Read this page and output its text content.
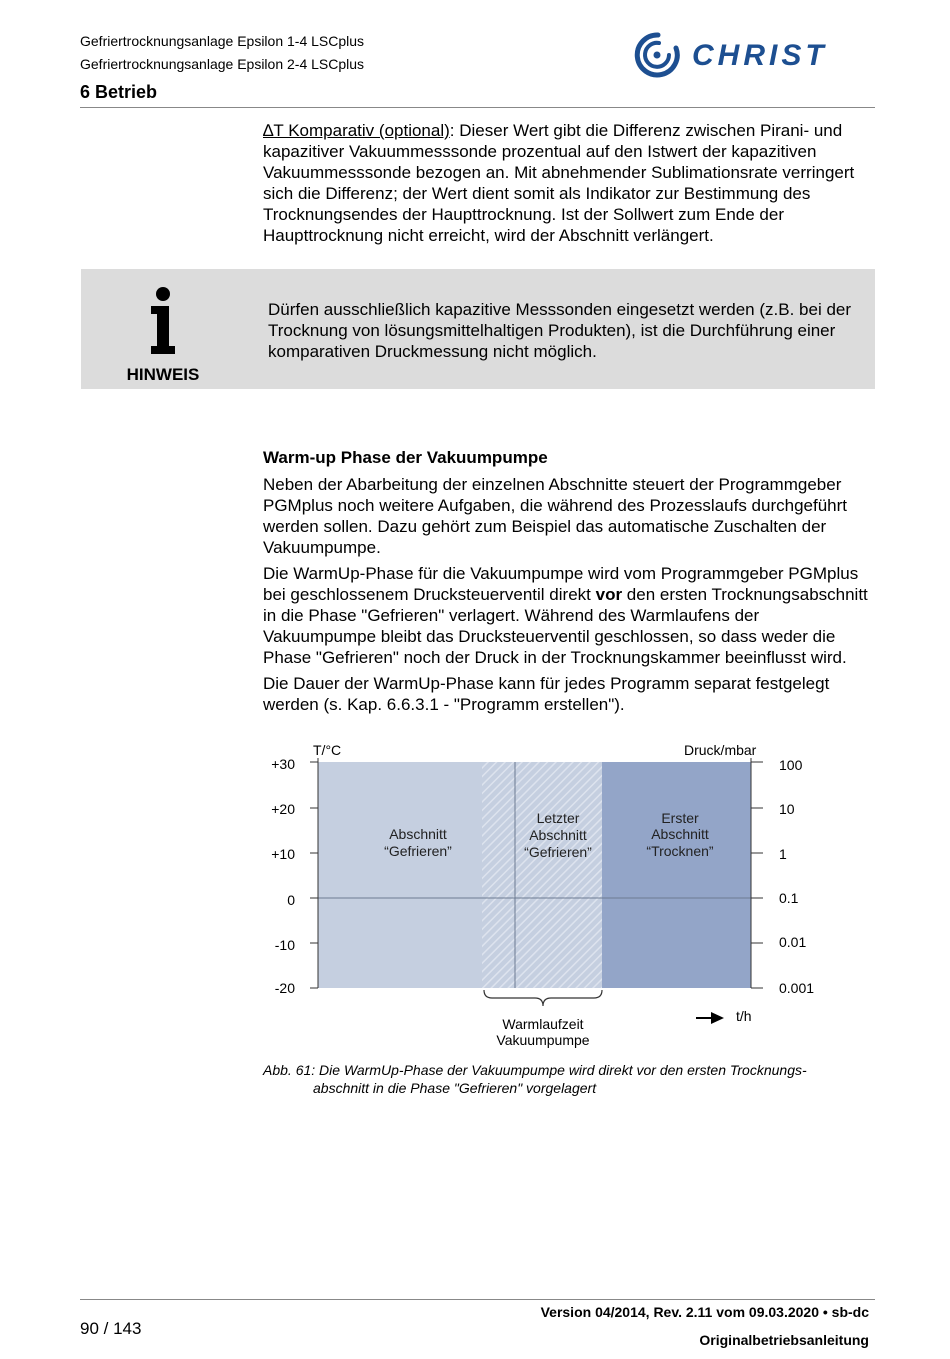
Gefriertrocknungsanlage Epsilon 1-4 LSCplus
Gefriertrocknungsanlage Epsilon 2-4 LSCplus
6 Betrieb
CHRIST

∆T Komparativ (optional): Dieser Wert gibt die Differenz zwischen Pirani- und kapazitiver Vakuummesssonde prozentual auf den Istwert der kapazitiven Vakuummesssonde bezogen an. Mit abnehmender Sublimationsrate verringert sich die Differenz; der Wert dient somit als Indikator zur Bestimmung des Trocknungsendes der Haupttrocknung. Ist der Sollwert zum Ende der Haupttrocknung nicht erreicht, wird der Abschnitt verlängert.

HINWEIS
Dürfen ausschließlich kapazitive Messsonden eingesetzt werden (z.B. bei der Trocknung von lösungsmittelhaltigen Produkten), ist die Durchführung einer komparativen Druckmessung nicht möglich.
Warm-up Phase der Vakuumpumpe

Neben der Abarbeitung der einzelnen Abschnitte steuert der Programmgeber PGMplus noch weitere Aufgaben, die während des Prozesslaufs durchgeführt werden sollen. Dazu gehört zum Beispiel das automatische Zuschalten der Vakuumpumpe.

Die WarmUp-Phase für die Vakuumpumpe wird vom Programmgeber PGMplus bei geschlossenem Drucksteuerventil direkt vor den ersten Trocknungsabschnitt in die Phase "Gefrieren" verlagert. Während des Warmlaufens der Vakuumpumpe bleibt das Drucksteuerventil geschlossen, so dass weder die Phase "Gefrieren" noch der Druck in der Trocknungskammer beeinflusst wird.

Die Dauer der WarmUp-Phase kann für jedes Programm separat festgelegt werden (s. Kap. 6.6.3.1 - "Programm erstellen").

T/°C	Druck/mbar
+30
+20
+10
0
-10
-20
100
10
1
0.1
0.01
0.001
Abschnitt
“Gefrieren”
Letzter
Abschnitt
“Gefrieren”
Erster
Abschnitt
“Trocknen”
Warmlaufzeit
Vakuumpumpe
t/h
Abb. 61: Die WarmUp-Phase der Vakuumpumpe wird direkt vor den ersten Trocknungs-
abschnitt in die Phase "Gefrieren" vorgelagert
90 / 143
Version 04/2014, Rev. 2.11 vom 09.03.2020 • sb-dc
Originalbetriebsanleitung
